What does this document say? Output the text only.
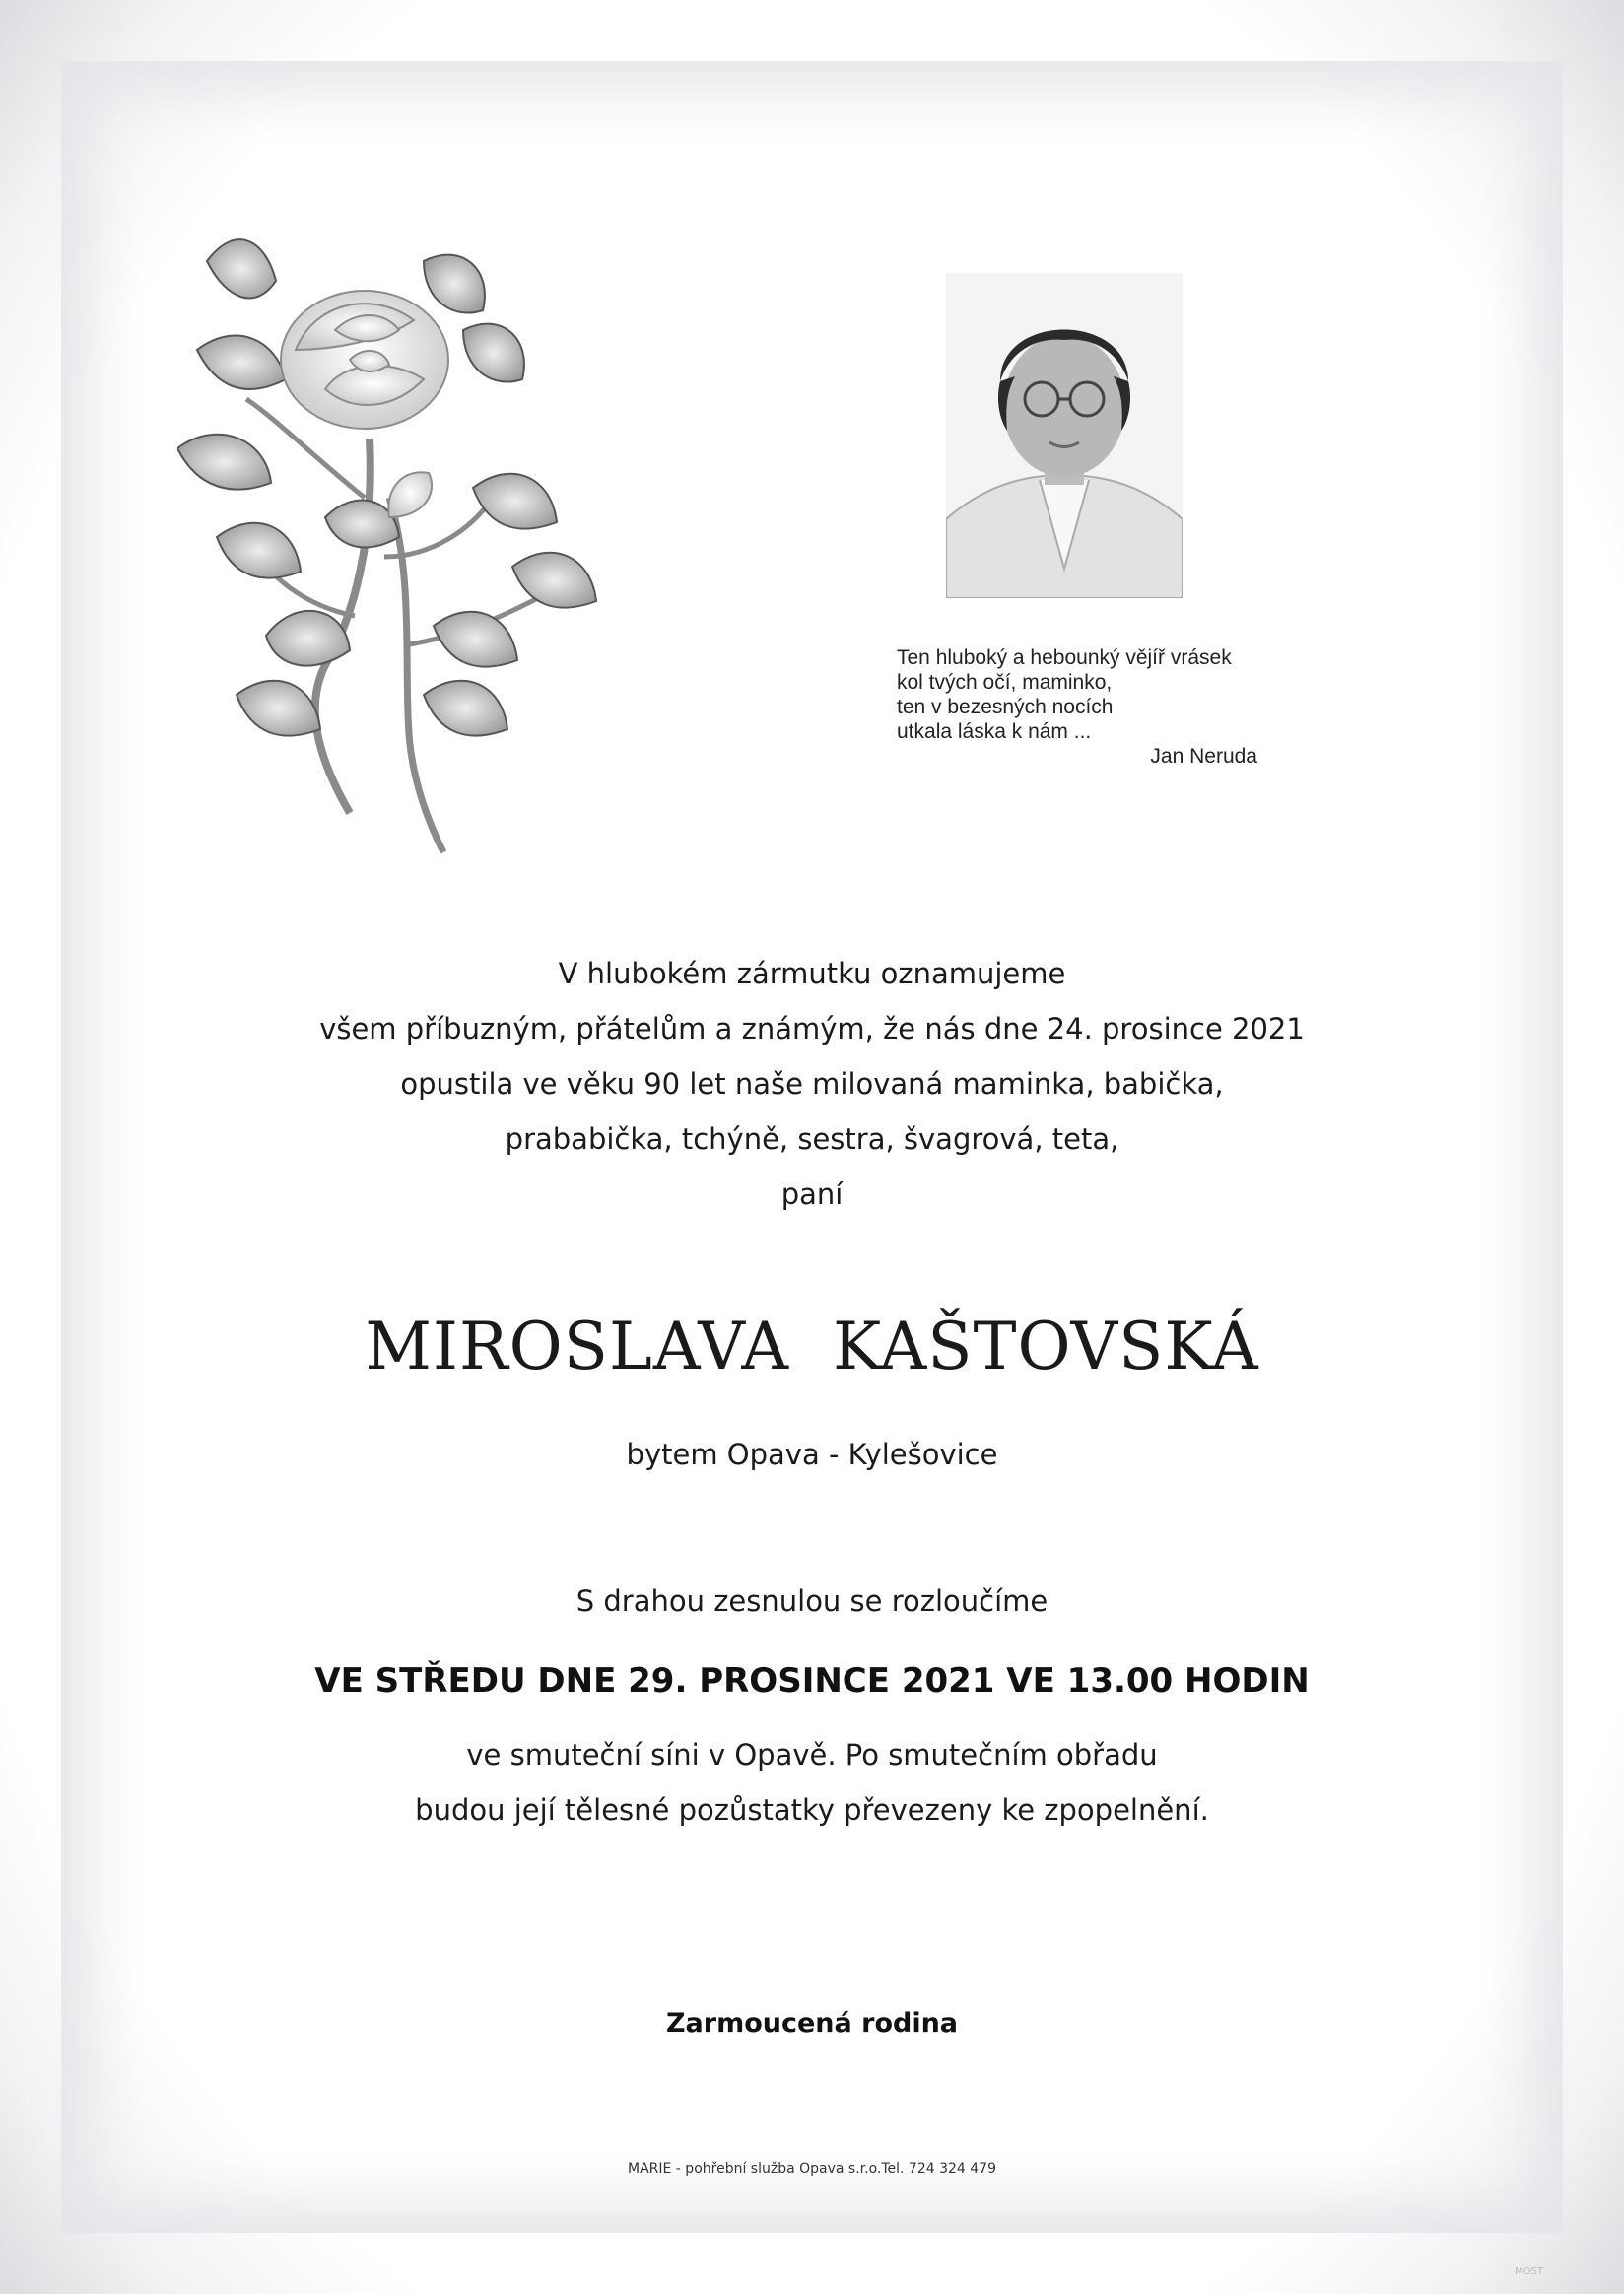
Ten hluboký a hebounký vějíř vrásek
kol tvých očí, maminko,
ten v bezesných nocích
utkala láska k nám ...
Jan Neruda
V hlubokém zármutku oznamujeme
všem příbuzným, přátelům a známým, že nás dne 24. prosince 2021
opustila ve věku 90 let naše milovaná maminka, babička,
prababička, tchýně, sestra, švagrová, teta,
paní
MIROSLAVA  KAŠTOVSKÁ
bytem Opava - Kylešovice
S drahou zesnulou se rozloučíme
VE STŘEDU DNE 29. PROSINCE 2021 VE 13.00 HODIN
ve smuteční síni v Opavě. Po smutečním obřadu
budou její tělesné pozůstatky převezeny ke zpopelnění.
Zarmoucená rodina
MARIE - pohřební služba Opava s.r.o.Tel. 724 324 479
MOST
